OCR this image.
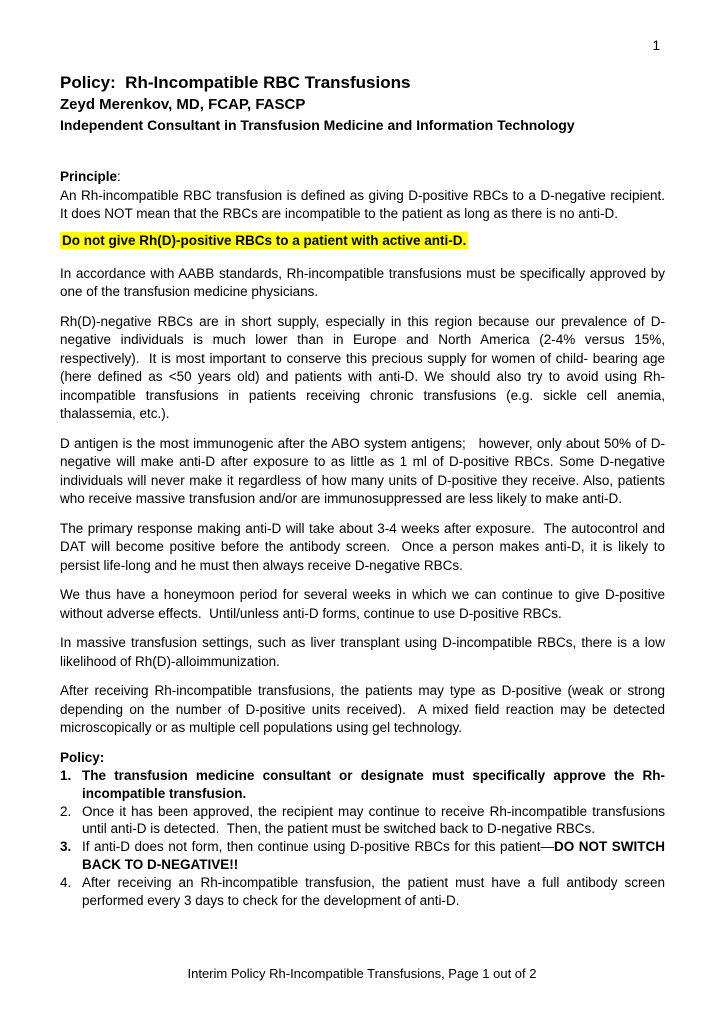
1
Policy:  Rh-Incompatible RBC Transfusions
Zeyd Merenkov, MD, FCAP, FASCP
Independent Consultant in Transfusion Medicine and Information Technology
Principle:

An Rh-incompatible RBC transfusion is defined as giving D-positive RBCs to a D-negative recipient.  It does NOT mean that the RBCs are incompatible to the patient as long as there is no anti-D.

Do not give Rh(D)-positive RBCs to a patient with active anti-D.

In accordance with AABB standards, Rh-incompatible transfusions must be specifically approved by one of the transfusion medicine physicians.

Rh(D)-negative RBCs are in short supply, especially in this region because our prevalence of D-negative individuals is much lower than in Europe and North America (2-4% versus 15%, respectively).  It is most important to conserve this precious supply for women of child- bearing age (here defined as <50 years old) and patients with anti-D. We should also try to avoid using Rh-incompatible transfusions in patients receiving chronic transfusions (e.g. sickle cell anemia, thalassemia, etc.).

D antigen is the most immunogenic after the ABO system antigens;   however, only about 50% of D-negative will make anti-D after exposure to as little as 1 ml of D-positive RBCs. Some D-negative individuals will never make it regardless of how many units of D-positive they receive. Also, patients who receive massive transfusion and/or are immunosuppressed are less likely to make anti-D.

The primary response making anti-D will take about 3-4 weeks after exposure.  The autocontrol and DAT will become positive before the antibody screen.  Once a person makes anti-D, it is likely to persist life-long and he must then always receive D-negative RBCs.

We thus have a honeymoon period for several weeks in which we can continue to give D-positive without adverse effects.  Until/unless anti-D forms, continue to use D-positive RBCs.

In massive transfusion settings, such as liver transplant using D-incompatible RBCs, there is a low likelihood of Rh(D)-alloimmunization.

After receiving Rh-incompatible transfusions, the patients may type as D-positive (weak or strong depending on the number of D-positive units received).  A mixed field reaction may be detected microscopically or as multiple cell populations using gel technology.

Policy:
1. The transfusion medicine consultant or designate must specifically approve the Rh-incompatible transfusion.
2. Once it has been approved, the recipient may continue to receive Rh-incompatible transfusions until anti-D is detected.  Then, the patient must be switched back to D-negative RBCs.
3. If anti-D does not form, then continue using D-positive RBCs for this patient—DO NOT SWITCH BACK TO D-NEGATIVE!!
4. After receiving an Rh-incompatible transfusion, the patient must have a full antibody screen performed every 3 days to check for the development of anti-D.
Interim Policy Rh-Incompatible Transfusions, Page 1 out of 2
